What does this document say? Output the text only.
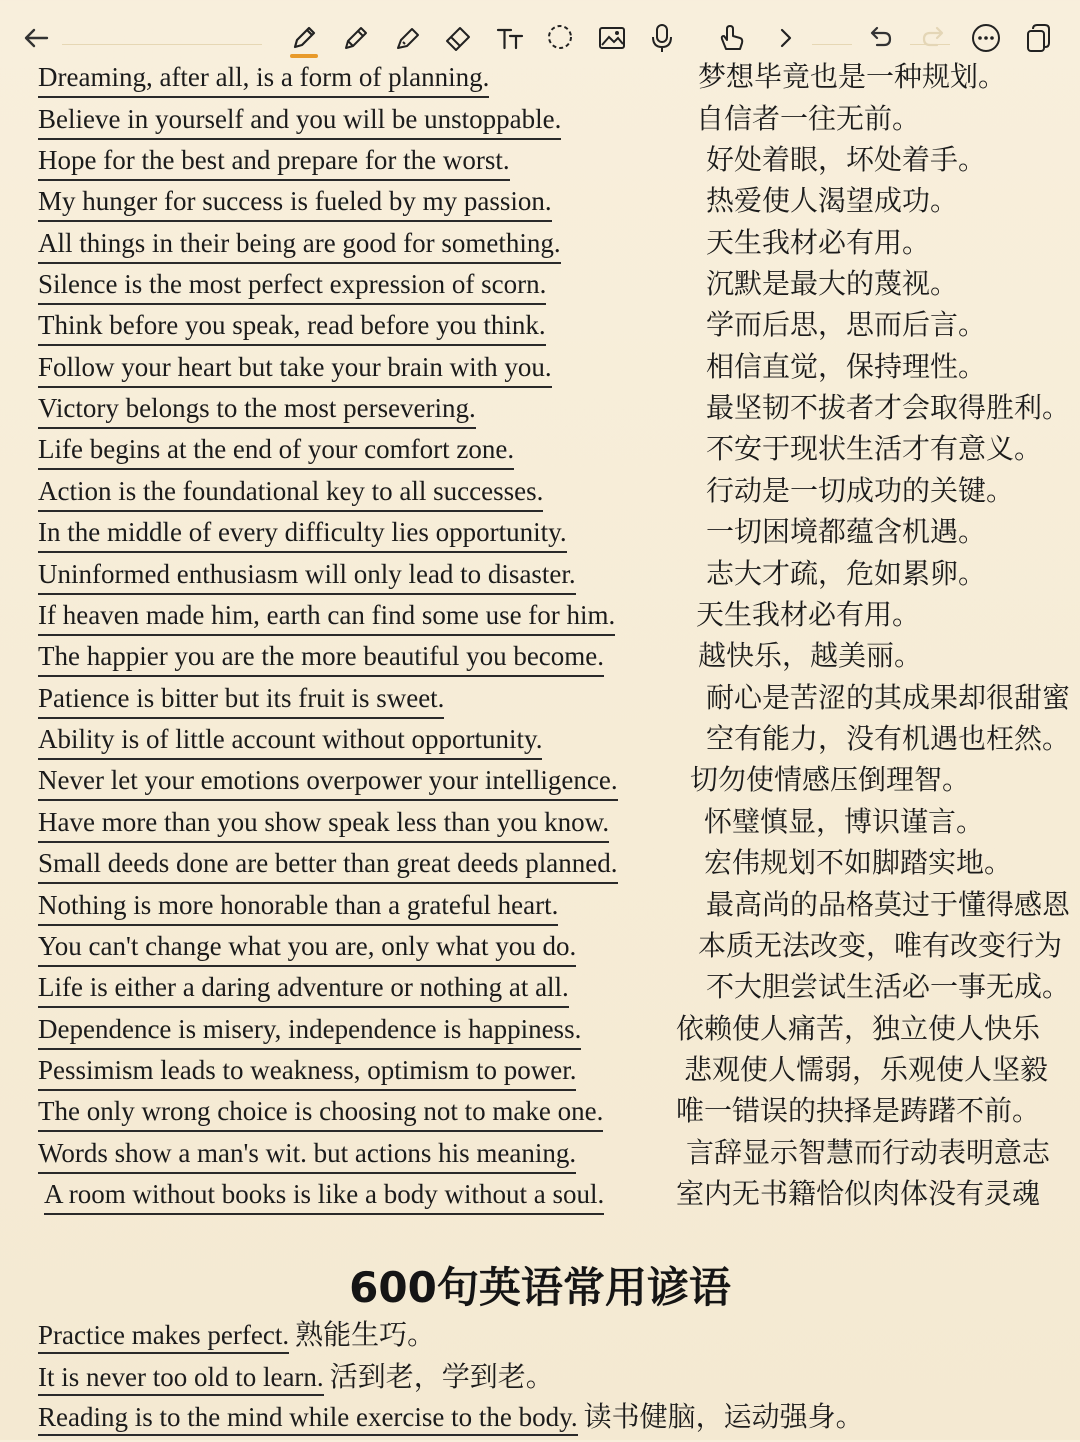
Dreaming, after all, is a form of planning.	梦想毕竟也是一种规划。
Believe in yourself and you will be unstoppable.	自信者一往无前。
Hope for the best and prepare for the worst.	好处着眼，坏处着手。
My hunger for success is fueled by my passion.	热爱使人渴望成功。
All things in their being are good for something.	天生我材必有用。
Silence is the most perfect expression of scorn.	沉默是最大的蔑视。
Think before you speak, read before you think.	学而后思，思而后言。
Follow your heart but take your brain with you.	相信直觉，保持理性。
Victory belongs to the most persevering.	最坚韧不拔者才会取得胜利。
Life begins at the end of your comfort zone.	不安于现状生活才有意义。
Action is the foundational key to all successes.	行动是一切成功的关键。
In the middle of every difficulty lies opportunity.	一切困境都蕴含机遇。
Uninformed enthusiasm will only lead to disaster.	志大才疏，危如累卵。
If heaven made him, earth can find some use for him.	天生我材必有用。
The happier you are the more beautiful you become.	越快乐，越美丽。
Patience is bitter but its fruit is sweet.	耐心是苦涩的其成果却很甜蜜
Ability is of little account without opportunity.	空有能力，没有机遇也枉然。
Never let your emotions overpower your intelligence.	切勿使情感压倒理智。
Have more than you show speak less than you know.	怀璧慎显，博识谨言。
Small deeds done are better than great deeds planned.	宏伟规划不如脚踏实地。
Nothing is more honorable than a grateful heart.	最高尚的品格莫过于懂得感恩
You can't change what you are, only what you do.	本质无法改变，唯有改变行为
Life is either a daring adventure or nothing at all.	不大胆尝试生活必一事无成。
Dependence is misery, independence is happiness.	依赖使人痛苦，独立使人快乐
Pessimism leads to weakness, optimism to power.	悲观使人懦弱，乐观使人坚毅
The only wrong choice is choosing not to make one.	唯一错误的抉择是踌躇不前。
Words show a man's wit. but actions his meaning.	言辞显示智慧而行动表明意志
A room without books is like a body without a soul.	室内无书籍恰似肉体没有灵魂
600句英语常用谚语
Practice makes perfect. 熟能生巧。
It is never too old to learn. 活到老，学到老。
Reading is to the mind while exercise to the body. 读书健脑，运动强身。
